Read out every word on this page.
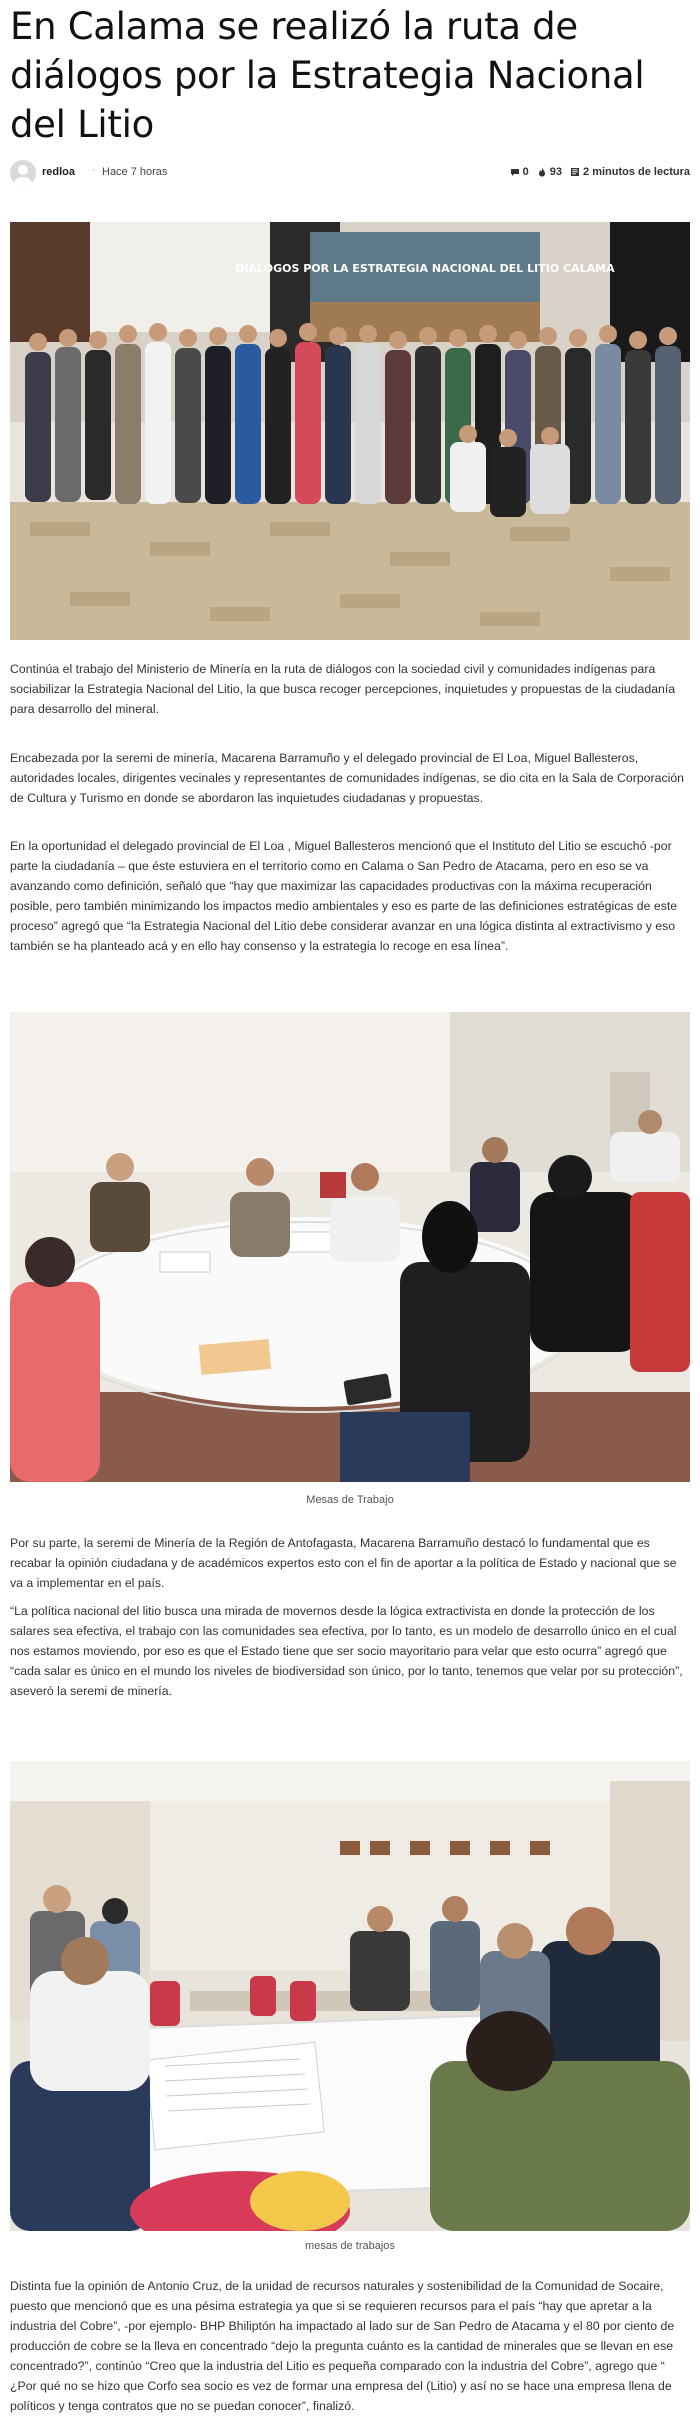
En Calama se realizó la ruta de diálogos por la Estrategia Nacional del Litio
redloa · Hace 7 horas	0 93 2 minutos de lectura
DIÁLOGOS POR LA ESTRATEGIA NACIONAL DEL LITIO CALAMA

Continúa el trabajo del Ministerio de Minería en la ruta de diálogos con la sociedad civil y comunidades indígenas para sociabilizar la Estrategia Nacional del Litio, la que busca recoger percepciones, inquietudes y propuestas de la ciudadanía para desarrollo del mineral.

Encabezada por la seremi de minería, Macarena Barramuño y el delegado provincial de El Loa, Miguel Ballesteros, autoridades locales, dirigentes vecinales y representantes de comunidades indígenas, se dio cita en la Sala de Corporación de Cultura y Turismo en donde se abordaron las inquietudes ciudadanas y propuestas.

En la oportunidad el delegado provincial de El Loa , Miguel Ballesteros mencionó que el Instituto del Litio se escuchó -por parte la ciudadanía – que éste estuviera en el territorio como en Calama o San Pedro de Atacama, pero en eso se va avanzando como definición, señaló que “hay que maximizar las capacidades productivas con la máxima recuperación posible, pero también minimizando los impactos medio ambientales y eso es parte de las definiciones estratégicas de este proceso” agregó que “la Estrategia Nacional del Litio debe considerar avanzar en una lógica distinta al extractivismo y eso también se ha planteado acá y en ello hay consenso y la estrategia lo recoge en esa línea”.

Mesas de Trabajo

Por su parte, la seremi de Minería de la Región de Antofagasta, Macarena Barramuño destacó lo fundamental que es recabar la opinión ciudadana y de académicos expertos esto con el fin de aportar a la política de Estado y nacional que se va a implementar en el país.

“La política nacional del litio busca una mirada de movernos desde la lógica extractivista en donde la protección de los salares sea efectiva, el trabajo con las comunidades sea efectiva, por lo tanto, es un modelo de desarrollo único en el cual nos estamos moviendo, por eso es que el Estado tiene que ser socio mayoritario para velar que esto ocurra” agregó que “cada salar es único en el mundo los niveles de biodiversidad son único, por lo tanto, tenemos que velar por su protección”, aseveró la seremi de minería.

mesas de trabajos

Distinta fue la opinión de Antonio Cruz, de la unidad de recursos naturales y sostenibilidad de la Comunidad de Socaire, puesto que mencionó que es una pésima estrategia ya que si se requieren recursos para el país “hay que apretar a la industria del Cobre”, -por ejemplo- BHP Bhiliptón ha impactado al lado sur de San Pedro de Atacama y el 80 por ciento de producción de cobre se la lleva en concentrado “dejo la pregunta cuánto es la cantidad de minerales que se llevan en ese concentrado?”, continúo “Creo que la industria del Litio es pequeña comparado con la industria del Cobre”, agrego que “ ¿Por qué no se hizo que Corfo sea socio es vez de formar una empresa del (Litio) y así no se hace una empresa llena de políticos y tenga contratos que no se puedan conocer”, finalizó.
